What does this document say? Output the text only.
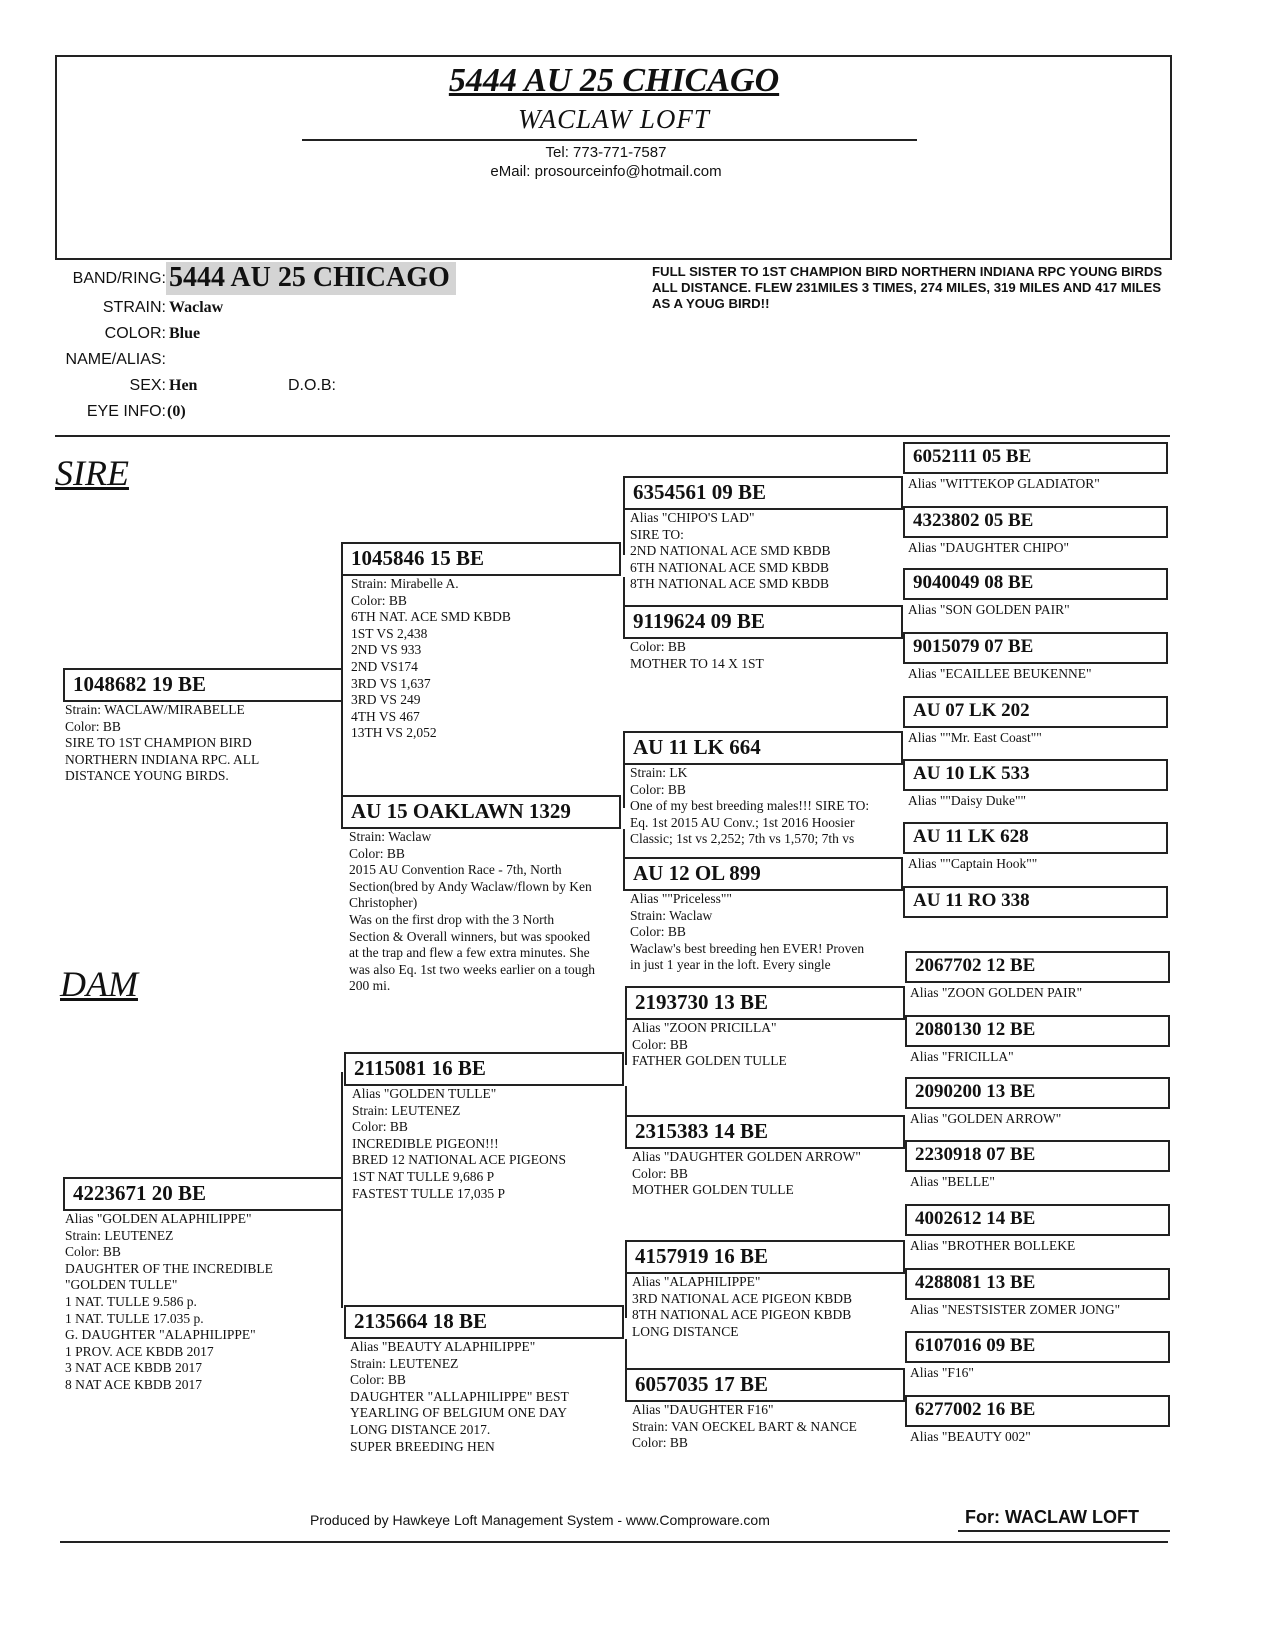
5444 AU 25 CHICAGO
WACLAW LOFT
Tel: 773-771-7587
eMail: prosourceinfo@hotmail.com
BAND/RING: 5444 AU 25 CHICAGO
STRAIN: Waclaw
COLOR: Blue
NAME/ALIAS:
SEX: Hen	D.O.B:
EYE INFO: (0)
FULL SISTER TO 1ST CHAMPION BIRD NORTHERN INDIANA RPC YOUNG BIRDS ALL DISTANCE. FLEW 231MILES 3 TIMES, 274 MILES, 319 MILES AND 417 MILES AS A YOUG BIRD!!
SIRE
DAM
1048682 19 BE
Strain: WACLAW/MIRABELLE
Color: BB
SIRE TO 1ST CHAMPION BIRD
NORTHERN INDIANA RPC. ALL
DISTANCE YOUNG BIRDS.
4223671 20 BE
Alias "GOLDEN ALAPHILIPPE"
Strain: LEUTENEZ
Color: BB
DAUGHTER OF THE INCREDIBLE
"GOLDEN TULLE"
1 NAT. TULLE 9.586 p.
1 NAT. TULLE 17.035 p.
G. DAUGHTER "ALAPHILIPPE"
1 PROV. ACE KBDB 2017
3 NAT ACE KBDB 2017
8 NAT ACE KBDB 2017
1045846 15 BE
Strain: Mirabelle A.
Color: BB
6TH NAT. ACE SMD KBDB
1ST VS 2,438
2ND VS 933
2ND VS174
3RD VS 1,637
3RD VS 249
4TH VS 467
13TH VS 2,052
AU 15 OAKLAWN 1329
Strain: Waclaw
Color: BB
2015 AU Convention Race - 7th, North
Section(bred by Andy Waclaw/flown by Ken
Christopher)
Was on the first drop with the 3 North
Section & Overall winners, but was spooked
at the trap and flew a few extra minutes. She
was also Eq. 1st two weeks earlier on a tough
200 mi.
2115081 16 BE
Alias "GOLDEN TULLE"
Strain: LEUTENEZ
Color: BB
INCREDIBLE PIGEON!!!
BRED 12 NATIONAL ACE PIGEONS
1ST NAT TULLE 9,686 P
FASTEST TULLE 17,035 P
2135664 18 BE
Alias "BEAUTY ALAPHILIPPE"
Strain: LEUTENEZ
Color: BB
DAUGHTER "ALLAPHILIPPE" BEST
YEARLING OF BELGIUM ONE DAY
LONG DISTANCE 2017.
SUPER BREEDING HEN
6354561 09 BE
Alias "CHIPO'S LAD"
SIRE TO:
2ND NATIONAL ACE SMD KBDB
6TH NATIONAL ACE SMD KBDB
8TH NATIONAL ACE SMD KBDB
9119624 09 BE
Color: BB
MOTHER TO 14 X 1ST
AU 11 LK 664
Strain: LK
Color: BB
One of my best breeding males!!! SIRE TO:
Eq. 1st 2015 AU Conv.; 1st 2016 Hoosier
Classic; 1st vs 2,252; 7th vs 1,570; 7th vs
AU 12 OL 899
Alias ""Priceless""
Strain: Waclaw
Color: BB
Waclaw's best breeding hen EVER! Proven
in just 1 year in the loft. Every single
2193730 13 BE
Alias "ZOON PRICILLA"
Color: BB
FATHER GOLDEN TULLE
2315383 14 BE
Alias "DAUGHTER GOLDEN ARROW"
Color: BB
MOTHER GOLDEN TULLE
4157919 16 BE
Alias "ALAPHILIPPE"
3RD NATIONAL ACE PIGEON KBDB
8TH NATIONAL ACE PIGEON KBDB
LONG DISTANCE
6057035 17 BE
Alias "DAUGHTER F16"
Strain: VAN OECKEL BART & NANCE
Color: BB
6052111 05 BE
Alias "WITTEKOP GLADIATOR"
4323802 05 BE
Alias "DAUGHTER CHIPO"
9040049 08 BE
Alias "SON GOLDEN PAIR"
9015079 07 BE
Alias "ECAILLEE BEUKENNE"
AU 07 LK 202
Alias ""Mr. East Coast""
AU 10 LK 533
Alias ""Daisy Duke""
AU 11 LK 628
Alias ""Captain Hook""
AU 11 RO 338
2067702 12 BE
Alias "ZOON GOLDEN PAIR"
2080130 12 BE
Alias "FRICILLA"
2090200 13 BE
Alias "GOLDEN ARROW"
2230918 07 BE
Alias "BELLE"
4002612 14 BE
Alias "BROTHER BOLLEKE
4288081 13 BE
Alias "NESTSISTER ZOMER JONG"
6107016 09 BE
Alias "F16"
6277002 16 BE
Alias "BEAUTY 002"
Produced by Hawkeye Loft Management System - www.Comproware.com	For: WACLAW LOFT
